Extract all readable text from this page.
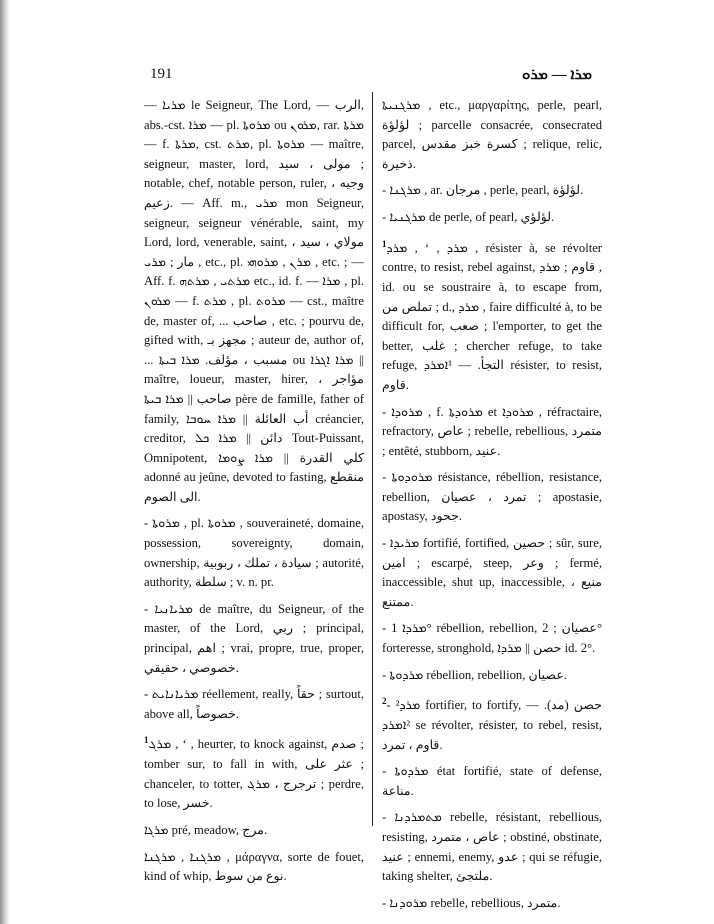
191	ܡܪܐ — ܡܪܘ

— ܡܪܝܐ le Seigneur, The Lord, — الرب, abs.-cst. ܡܪܐ — pl. ܡܪܘܬܐ ou ܡܪܘܢ, rar. ܡܪܬܐ — f. ܡܪܬܐ, cst. ܡܪܬ, pl. ܡܪܘܬܐ — maître, seigneur, master, lord, مولى ، سيد ; notable, chef, notable person, ruler, وجيه ، زعيم. — Aff. m., ܡܪܝ mon Seigneur, seigneur, seigneur vénérable, saint, my Lord, lord, venerable, saint, مولاي ، سيد ، مار ; ܡܪܝ , etc., pl. ܡܪܢ , ܡܪܘܗܝ , etc. ; — Aff. f. ܡܪܬܝ , ܡܪܬܗ etc., id. f. — ܡܪܐ , pl. ܡܪܘܢ — f. ܡܪܬ , pl. ܡܪܘܬ — cst., maître de, master of, ... صاحب , etc. ; pourvu de, gifted with, مجهز بـ ; auteur de, author of, ... مسبب ، مؤلف. ܡܪܐ ܒܝܬܐ ou ܡܪܐ ܐܓܪܐ || maître, loueur, master, hirer, مؤاجر ، صاحب || ܡܪܐ ܒܝܬܐ père de famille, father of family, أب العائلة || ܡܪܐ ܚܘܒܐ créancier, creditor, دائن || ܡܪܐ ܟܠ Tout-Puissant, Omnipotent, كلي القدرة || ܡܪܐ ܨܘܡܐ adonné au jeûne, devoted to fasting, منقطع الى الصوم.

- ܡܪܘܬܐ , pl. ܡܪܘܬܐ , souveraineté, domaine, possession, sovereignty, domain, ownership, سيادة ، تملك ، ربوبية ; autorité, authority, سلطة ; v. n. pr.

- ܡܪܝܐܢܝܐ de maître, du Seigneur, of the master, of the Lord, ربي ; principal, principal, اهم ; vrai, propre, true, proper, خصوصي ، حقيقي.

- ܡܪܝܐܢܐܝܬ réellement, really, حقاً ; surtout, above all, خصوصاً.

$^1$ܡܪܓ , ʻ , heurter, to knock against, صدم ; tomber sur, to fall in with, عثر على ; chanceler, to totter, ترجرج ، ܡܪܓ ; perdre, to lose, خسر.

ܡܪܓܐ pré, meadow, مرج.

ܡܪܓܢܐ , ܡܪܓܢܐ , μάραγνα, sorte de fouet, kind of whip, نوع من سوط.

ܡܪܓܢܝܬܐ , etc., μαργαρίτης, perle, pearl, لؤلؤة ; parcelle consacrée, consecrated parcel, كسرة خبز مقدس ; relique, relic, ذخيرة.

- ܡܪܓܢܐ , ar. مرجان , perle, pearl, لؤلؤة.

- ܡܪܓܢܝܐ de perle, of pearl, لؤلؤي.

$^1$ܡܪܕ , ʻ , ܡܪܕ , résister à, se révolter contre, to resist, rebel against, قاوم ; ܡܪܕ , id. ou se soustraire à, to escape from, تملص من ; d., ܡܪܕ , faire difficulté à, to be difficult for, صعب ; l'emporter, to get the better, غلب ; chercher refuge, to take refuge, التجأ. — ¹ܐܡܪܕ résister, to resist, قاوم.

- ܡܪܘܕܐ , f. ܡܪܘܕܬܐ et ܡܪܘܕܐ , réfractaire, refractory, عاص ; rebelle, rebellious, متمرد ; entêté, stubborn, عنيد.

- ܡܪܘܕܘܬܐ résistance, rébellion, resistance, rebellion, تمرد ، عصيان ; apostasie, apostasy, جحود.

- ܡܪܝܕܐ fortifié, fortified, حصين ; sûr, sure, امين ; escarpé, steep, وعر ; fermé, inaccessible, shut up, inaccessible, منيع ، ممتنع.

- ܡܪܕܐ 1° rébellion, rebellion, عصيان ; 2° forteresse, stronghold, حصن || ܡܪܕܐ id. 2°.

- ܡܪܕܘܬܐ rébellion, rebellion, عصيان.

$^2$- ²ܡܪܕ fortifier, to fortify, حصن (مد). — ²ܐܡܪܕ se révolter, résister, to rebel, resist, قاوم ، تمرد.

- ܡܪܕܘܬܐ état fortifié, state of defense, مناعة.

- ܡܬܡܪܕܢܐ rebelle, résistant, rebellious, resisting, عاص ، متمرد ; obstiné, obstinate, عنيد ; ennemi, enemy, عدو ; qui se réfugie, taking shelter, ملتجئ.

- ܡܪܘܕܢܐ rebelle, rebellious, متمرد.
